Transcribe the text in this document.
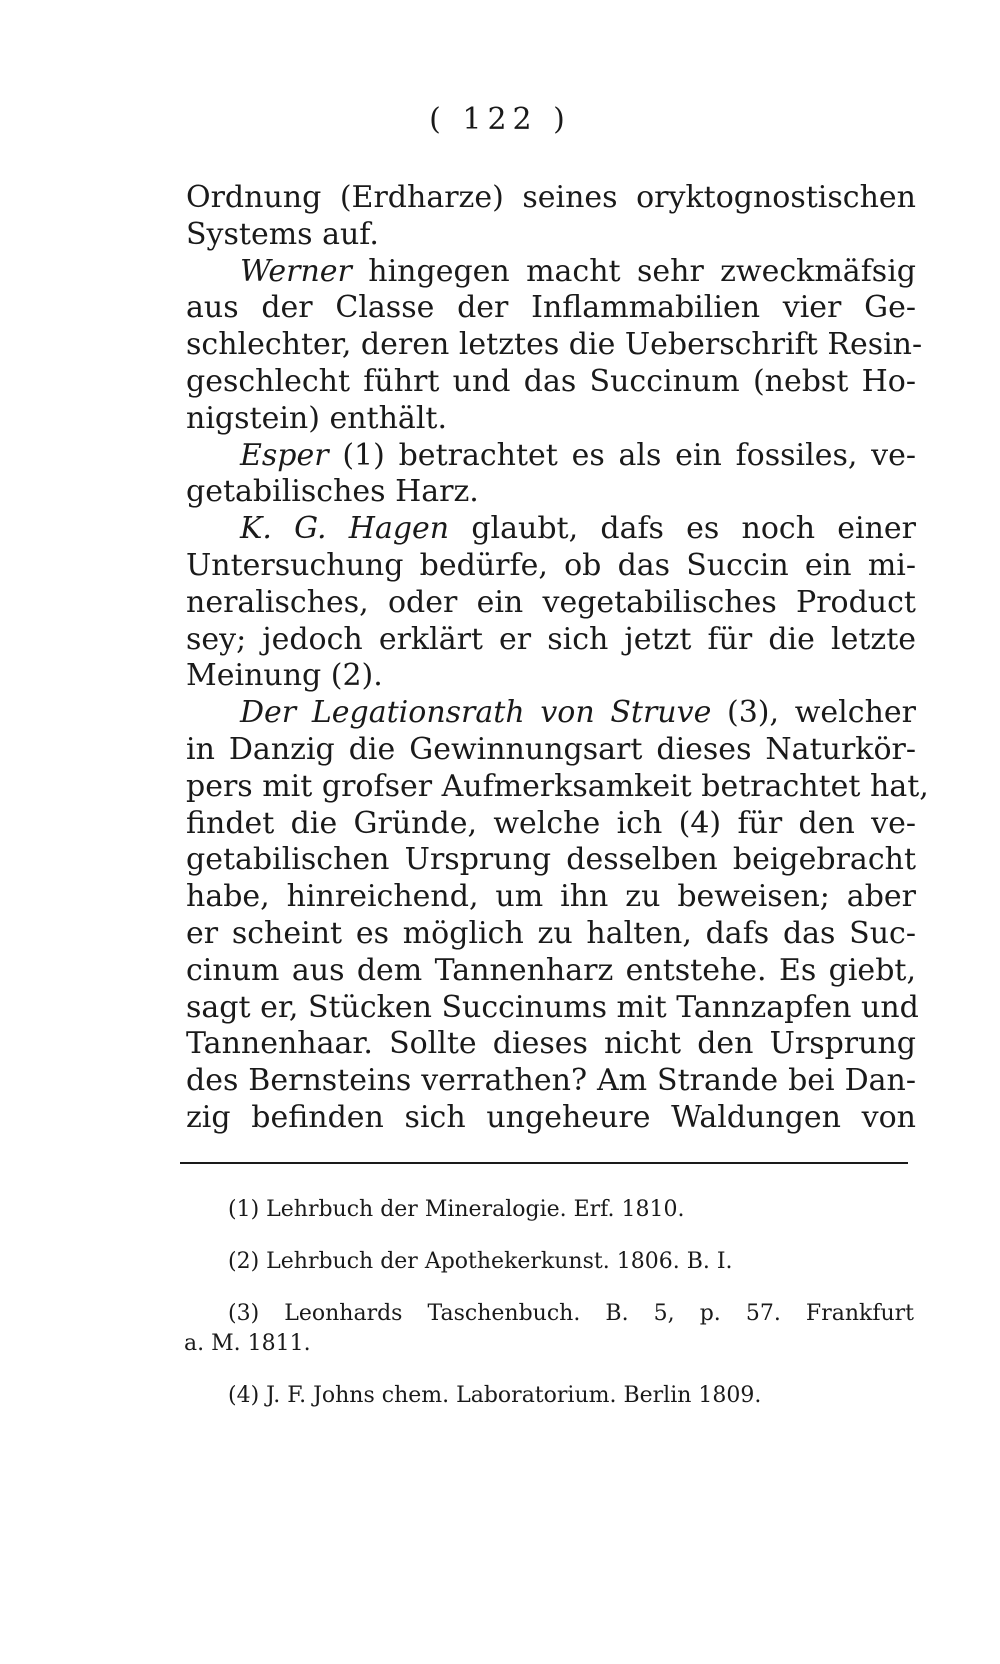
( 122 )
Ordnung (Erdharze) seines oryktognostischen
Systems auf.
Werner hingegen macht sehr zweckmäfsig
aus der Classe der Inflammabilien vier Ge-
schlechter, deren letztes die Ueberschrift Resin-
geschlecht führt und das Succinum (nebst Ho-
nigstein) enthält.
Esper (1) betrachtet es als ein fossiles, ve-
getabilisches Harz.
K. G. Hagen glaubt, dafs es noch einer
Untersuchung bedürfe, ob das Succin ein mi-
neralisches, oder ein vegetabilisches Product
sey; jedoch erklärt er sich jetzt für die letzte
Meinung (2).
Der Legationsrath von Struve (3), welcher
in Danzig die Gewinnungsart dieses Naturkör-
pers mit grofser Aufmerksamkeit betrachtet hat,
findet die Gründe, welche ich (4) für den ve-
getabilischen Ursprung desselben beigebracht
habe, hinreichend, um ihn zu beweisen; aber
er scheint es möglich zu halten, dafs das Suc-
cinum aus dem Tannenharz entstehe. Es giebt,
sagt er, Stücken Succinums mit Tannzapfen und
Tannenhaar. Sollte dieses nicht den Ursprung
des Bernsteins verrathen? Am Strande bei Dan-
zig befinden sich ungeheure Waldungen von
(1) Lehrbuch der Mineralogie. Erf. 1810.
(2) Lehrbuch der Apothekerkunst. 1806. B. I.
(3) Leonhards Taschenbuch. B. 5, p. 57. Frankfurt
a. M. 1811.
(4) J. F. Johns chem. Laboratorium. Berlin 1809.
